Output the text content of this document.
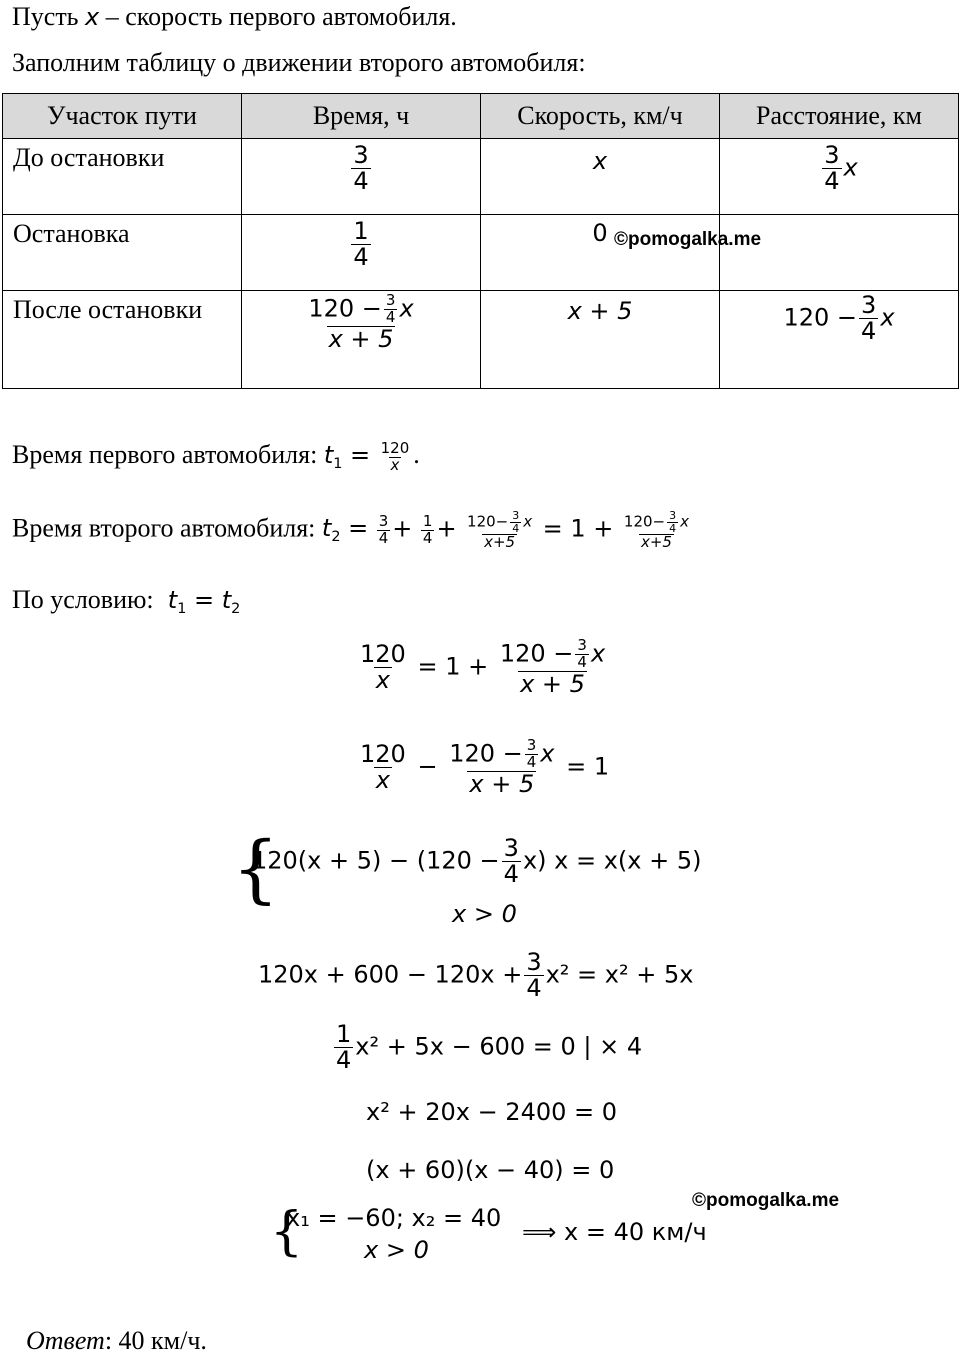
Пусть x – скорость первого автомобиля.
Заполним таблицу о движении второго автомобиля:
Участок пути	Время, ч	Скорость, км/ч	Расстояние, км
До остановки	$\frac{3}{4}$	x	$\frac{3}{4}$ x
Остановка	$\frac{1}{4}$	0	
После остановки	$\frac{120 - \frac{3}{4} x}{x + 5}$	x + 5	$120 - \frac{3}{4}$ x
©pomogalka.me
Время первого автомобиля: $t_1 = \frac{120}{x}$ .
Время второго автомобиля: $t_2 = \frac{3}{4} + \frac{1}{4} + \frac{120- \frac{3}{4} x}{x+5} = 1 + \frac{120- \frac{3}{4} x}{x+5}$
По условию: $t_1 = t_2$
$\frac{120}{x} = 1 + \frac{120 - \frac{3}{4} x}{x + 5}$
$\frac{120}{x} - \frac{120 - \frac{3}{4} x}{x + 5} = 1$
{
$120(x + 5) - (120 - \frac{3}{4} x)$ x = x(x + 5)
x > 0
$120x + 600 - 120x + \frac{3}{4} x^2 = x^2 + 5x$
$\frac{1}{4} x^2 + 5x - 600 = 0$ | × 4
x² + 20x − 2400 = 0
(x + 60)(x − 40) = 0
©pomogalka.me
{
x₁ = −60; x₂ = 40
x > 0
⟹ x = 40 км/ч
Ответ: 40 км/ч.
